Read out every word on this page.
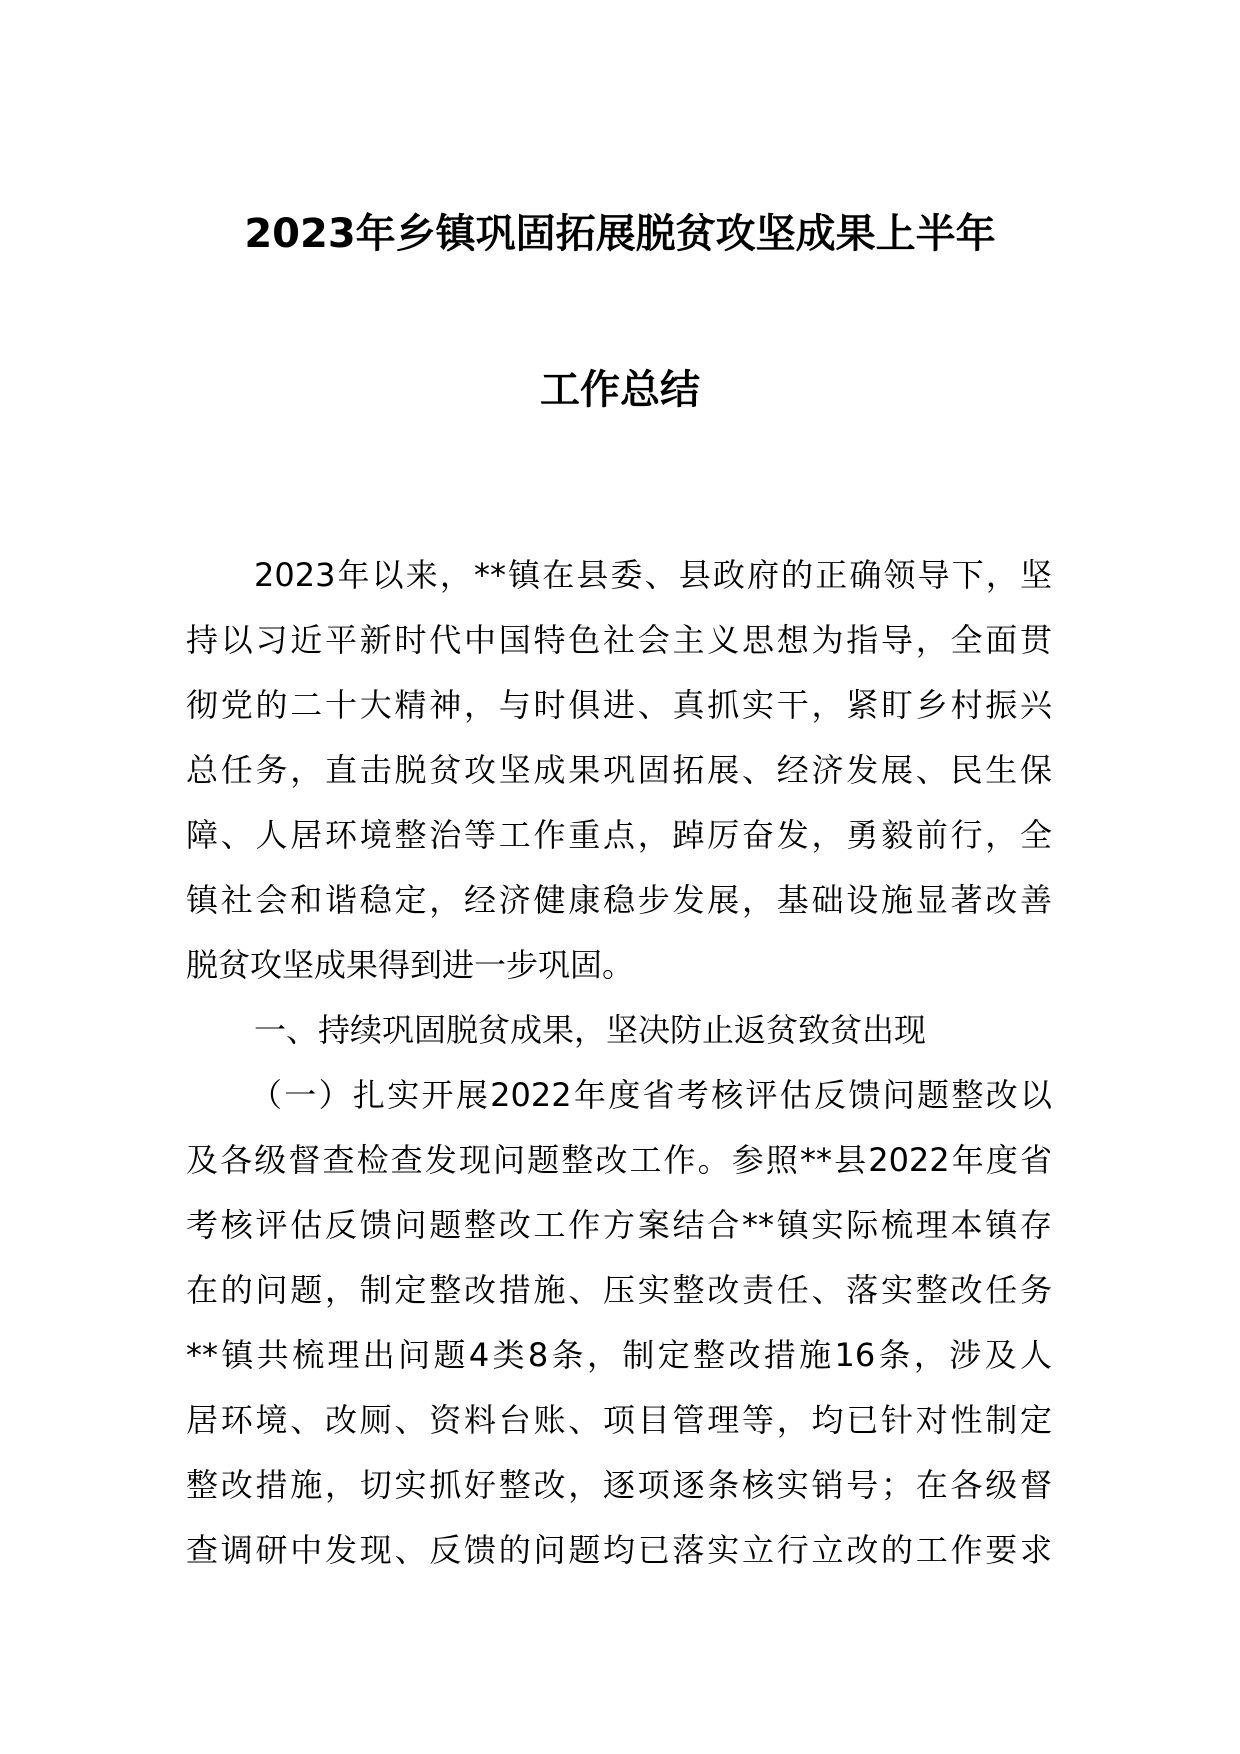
2023年乡镇巩固拓展脱贫攻坚成果上半年
工作总结
2023年以来，**镇在县委、县政府的正确领导下，坚
持以习近平新时代中国特色社会主义思想为指导，全面贯
彻党的二十大精神，与时俱进、真抓实干，紧盯乡村振兴
总任务，直击脱贫攻坚成果巩固拓展、经济发展、民生保
障、人居环境整治等工作重点，踔厉奋发，勇毅前行，全
镇社会和谐稳定，经济健康稳步发展，基础设施显著改善
脱贫攻坚成果得到进一步巩固。
一、持续巩固脱贫成果，坚决防止返贫致贫出现
（一）扎实开展2022年度省考核评估反馈问题整改以
及各级督查检查发现问题整改工作。参照**县2022年度省
考核评估反馈问题整改工作方案结合**镇实际梳理本镇存
在的问题，制定整改措施、压实整改责任、落实整改任务
**镇共梳理出问题4类8条，制定整改措施16条，涉及人
居环境、改厕、资料台账、项目管理等，均已针对性制定
整改措施，切实抓好整改，逐项逐条核实销号；在各级督
查调研中发现、反馈的问题均已落实立行立改的工作要求
